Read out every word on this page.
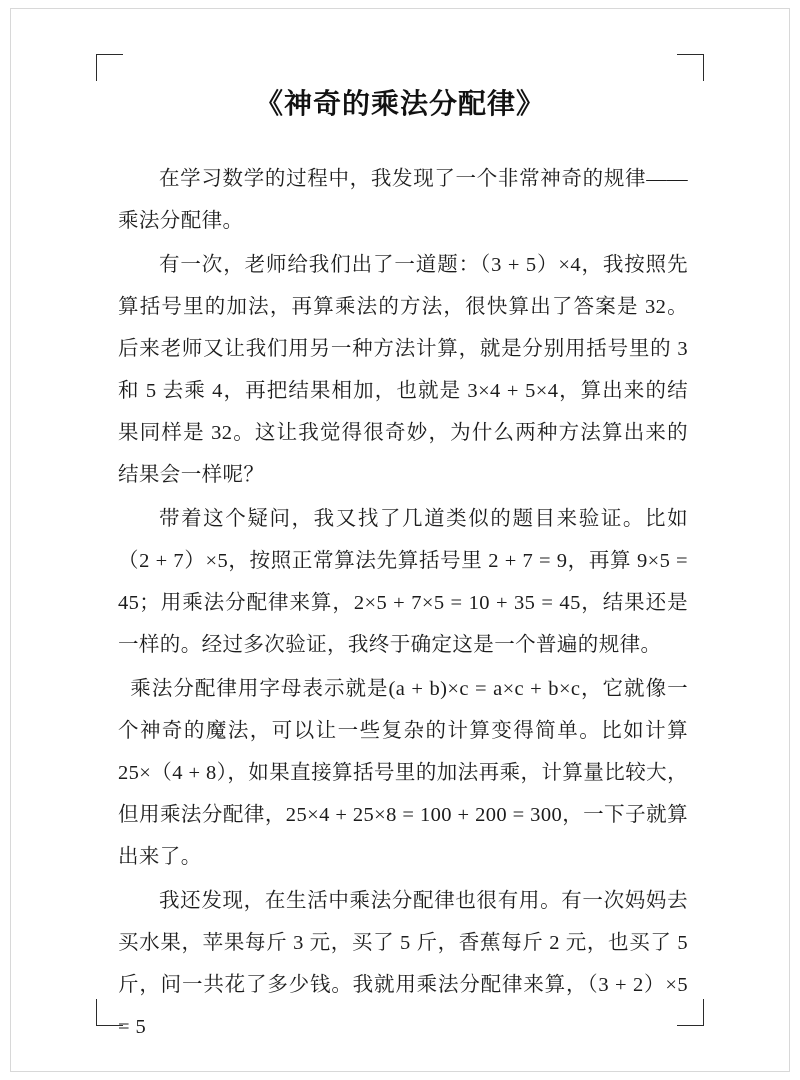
《神奇的乘法分配律》

在学习数学的过程中，我发现了一个非常神奇的规律——乘法分配律。

有一次，老师给我们出了一道题：（3 + 5）×4，我按照先算括号里的加法，再算乘法的方法，很快算出了答案是 32。后来老师又让我们用另一种方法计算，就是分别用括号里的 3 和 5 去乘 4，再把结果相加，也就是 3×4 + 5×4，算出来的结果同样是 32。这让我觉得很奇妙，为什么两种方法算出来的结果会一样呢？

带着这个疑问，我又找了几道类似的题目来验证。比如（2 + 7）×5，按照正常算法先算括号里 2 + 7 = 9，再算 9×5 = 45；用乘法分配律来算，2×5 + 7×5 = 10 + 35 = 45，结果还是一样的。经过多次验证，我终于确定这是一个普遍的规律。

乘法分配律用字母表示就是(a + b)×c = a×c + b×c，它就像一个神奇的魔法，可以让一些复杂的计算变得简单。比如计算 25×（4 + 8），如果直接算括号里的加法再乘，计算量比较大，但用乘法分配律，25×4 + 25×8 = 100 + 200 = 300，一下子就算出来了。

我还发现，在生活中乘法分配律也很有用。有一次妈妈去买水果，苹果每斤 3 元，买了 5 斤，香蕉每斤 2 元，也买了 5 斤，问一共花了多少钱。我就用乘法分配律来算，（3 + 2）×5 = 5
